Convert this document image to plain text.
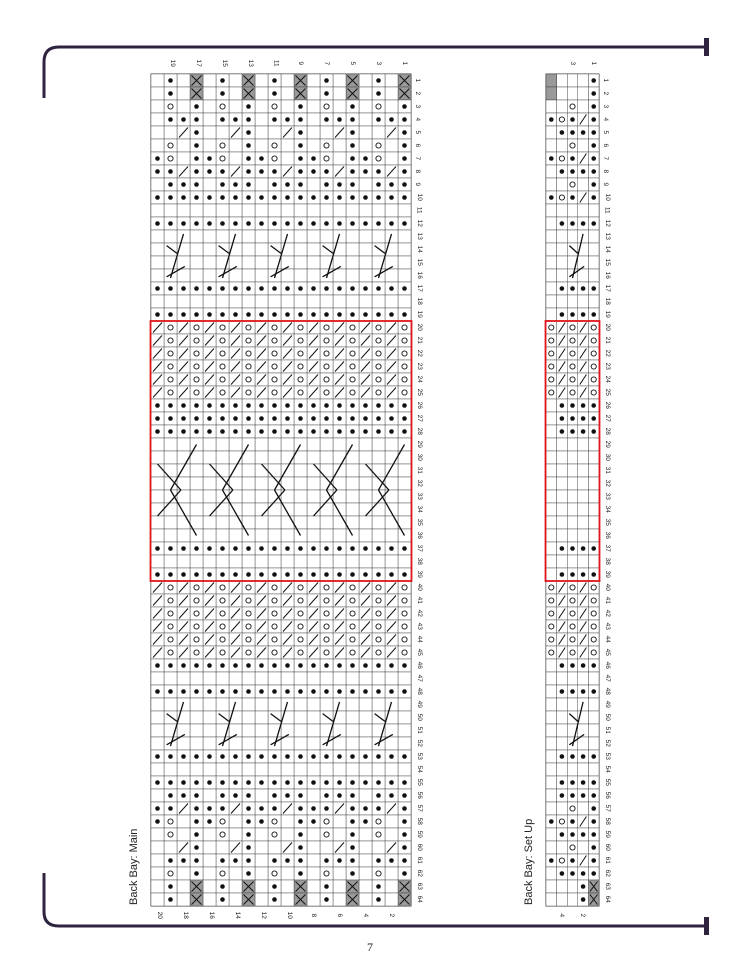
Back Bay: Main	Back Bay: Set Up
7
1
2
3
4
5
6
7
8
9
10
11
12
13
14
15
16
17
18
19
20
21
22
23
24
25
26
27
28
29
30
31
32
33
34
35
36
37
38
39
40
41
42
43
44
45
46
47
48
49
50
51
52
53
54
55
56
57
58
59
60
61
62
63
64
19	17	15	13	11	9	7	5	3	1
20	18	16	14	12	10	8	6	4	2
1
2
3
4
5
6
7
8
9
10
11
12
13
14
15
16
17
18
19
20
21
22
23
24
25
26
27
28
29
30
31
32
33
34
35
36
37
38
39
40
41
42
43
44
45
46
47
48
49
50
51
52
53
54
55
56
57
58
59
60
61
62
63
64
3 1
4 2
